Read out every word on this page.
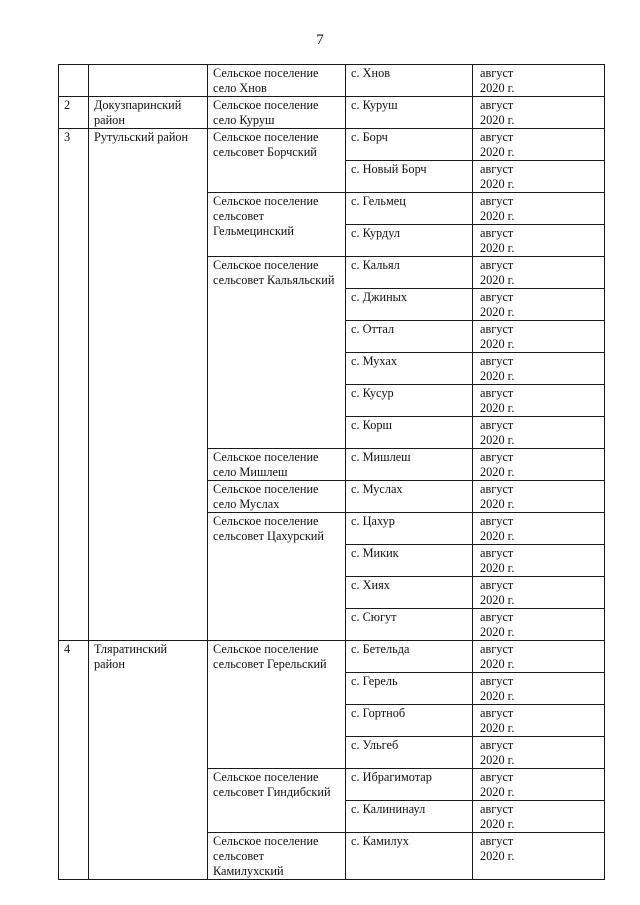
7
		Сельское поселение
село Хнов	с. Хнов	август
2020 г.

2	Докузпаринский
район	Сельское поселение
село Куруш	с. Куруш	август
2020 г.

3	Рутульский район	Сельское поселение
сельсовет Борчский	с. Борч	август
2020 г.

			с. Новый Борч	август
2020 г.

		Сельское поселение
сельсовет
Гельмецинский	с. Гельмец	август
2020 г.

			с. Курдул	август
2020 г.

		Сельское поселение
сельсовет Кальяльский	с. Кальял	август
2020 г.

			с. Джиных	август
2020 г.

			с. Оттал	август
2020 г.

			с. Мухах	август
2020 г.

			с. Кусур	август
2020 г.

			с. Корш	август
2020 г.

		Сельское поселение
село Мишлеш	с. Мишлеш	август
2020 г.

		Сельское поселение
село Муслах	с. Муслах	август
2020 г.

		Сельское поселение
сельсовет Цахурский	с. Цахур	август
2020 г.

			с. Микик	август
2020 г.

			с. Хиях	август
2020 г.

			с. Сюгут	август
2020 г.

4	Тляратинский
район	Сельское поселение
сельсовет Герельский	с. Бетельда	август
2020 г.

			с. Герель	август
2020 г.

			с. Гортноб	август
2020 г.

			с. Ульгеб	август
2020 г.

		Сельское поселение
сельсовет Гиндибский	с. Ибрагимотар	август
2020 г.

			с. Калининаул	август
2020 г.

		Сельское поселение
сельсовет
Камилухский	с. Камилух	август
2020 г.
